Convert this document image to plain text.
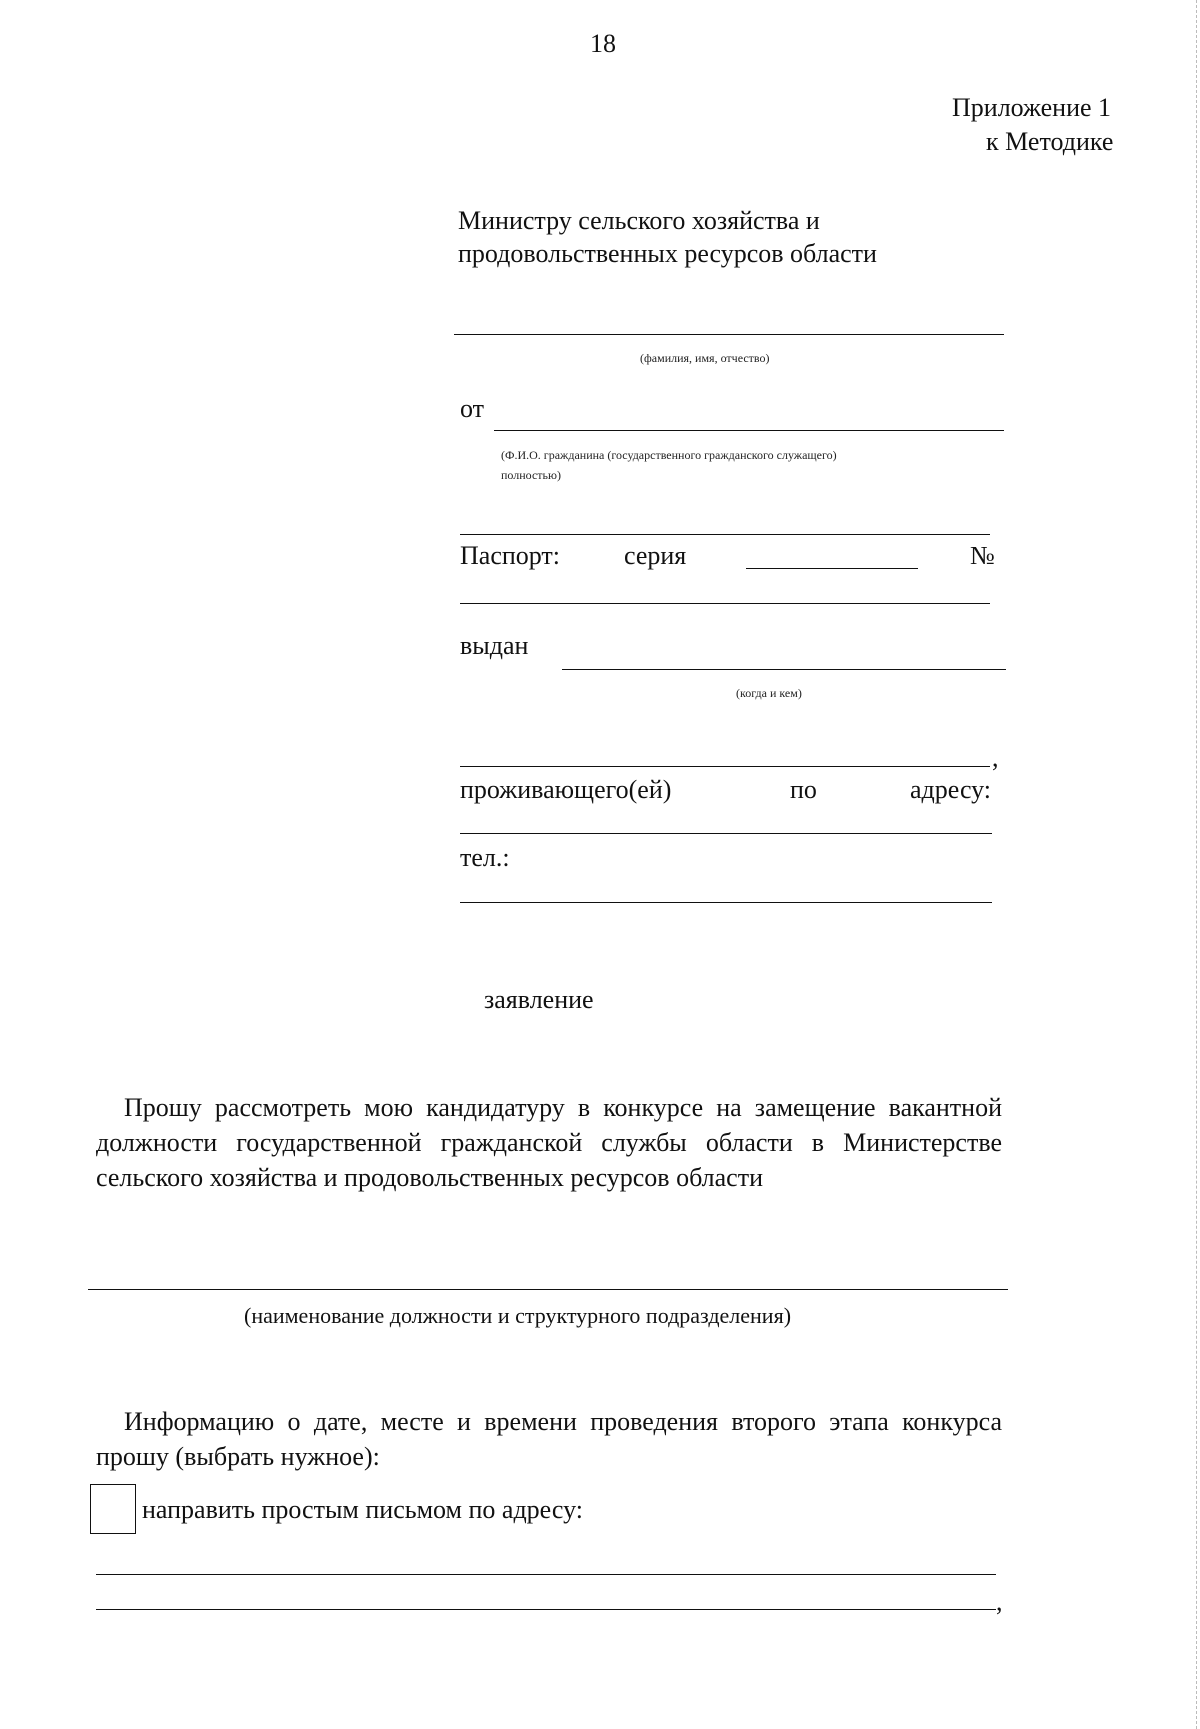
18
Приложение 1
к Методике
Министру сельского хозяйства и
продовольственных ресурсов области
(фамилия, имя, отчество)
от
(Ф.И.О. гражданина (государственного гражданского служащего)
полностью)
Паспорт: серия	№
выдан
(когда и кем)
,
проживающего(ей)	по	адресу:
тел.:
заявление
Прошу рассмотреть мою кандидатуру в конкурсе на замещение вакантной должности государственной гражданской службы области в Министерстве сельского хозяйства и продовольственных ресурсов области
(наименование должности и структурного подразделения)
Информацию о дате, месте и времени проведения второго этапа конкурса прошу (выбрать нужное):
направить простым письмом по адресу:
,
